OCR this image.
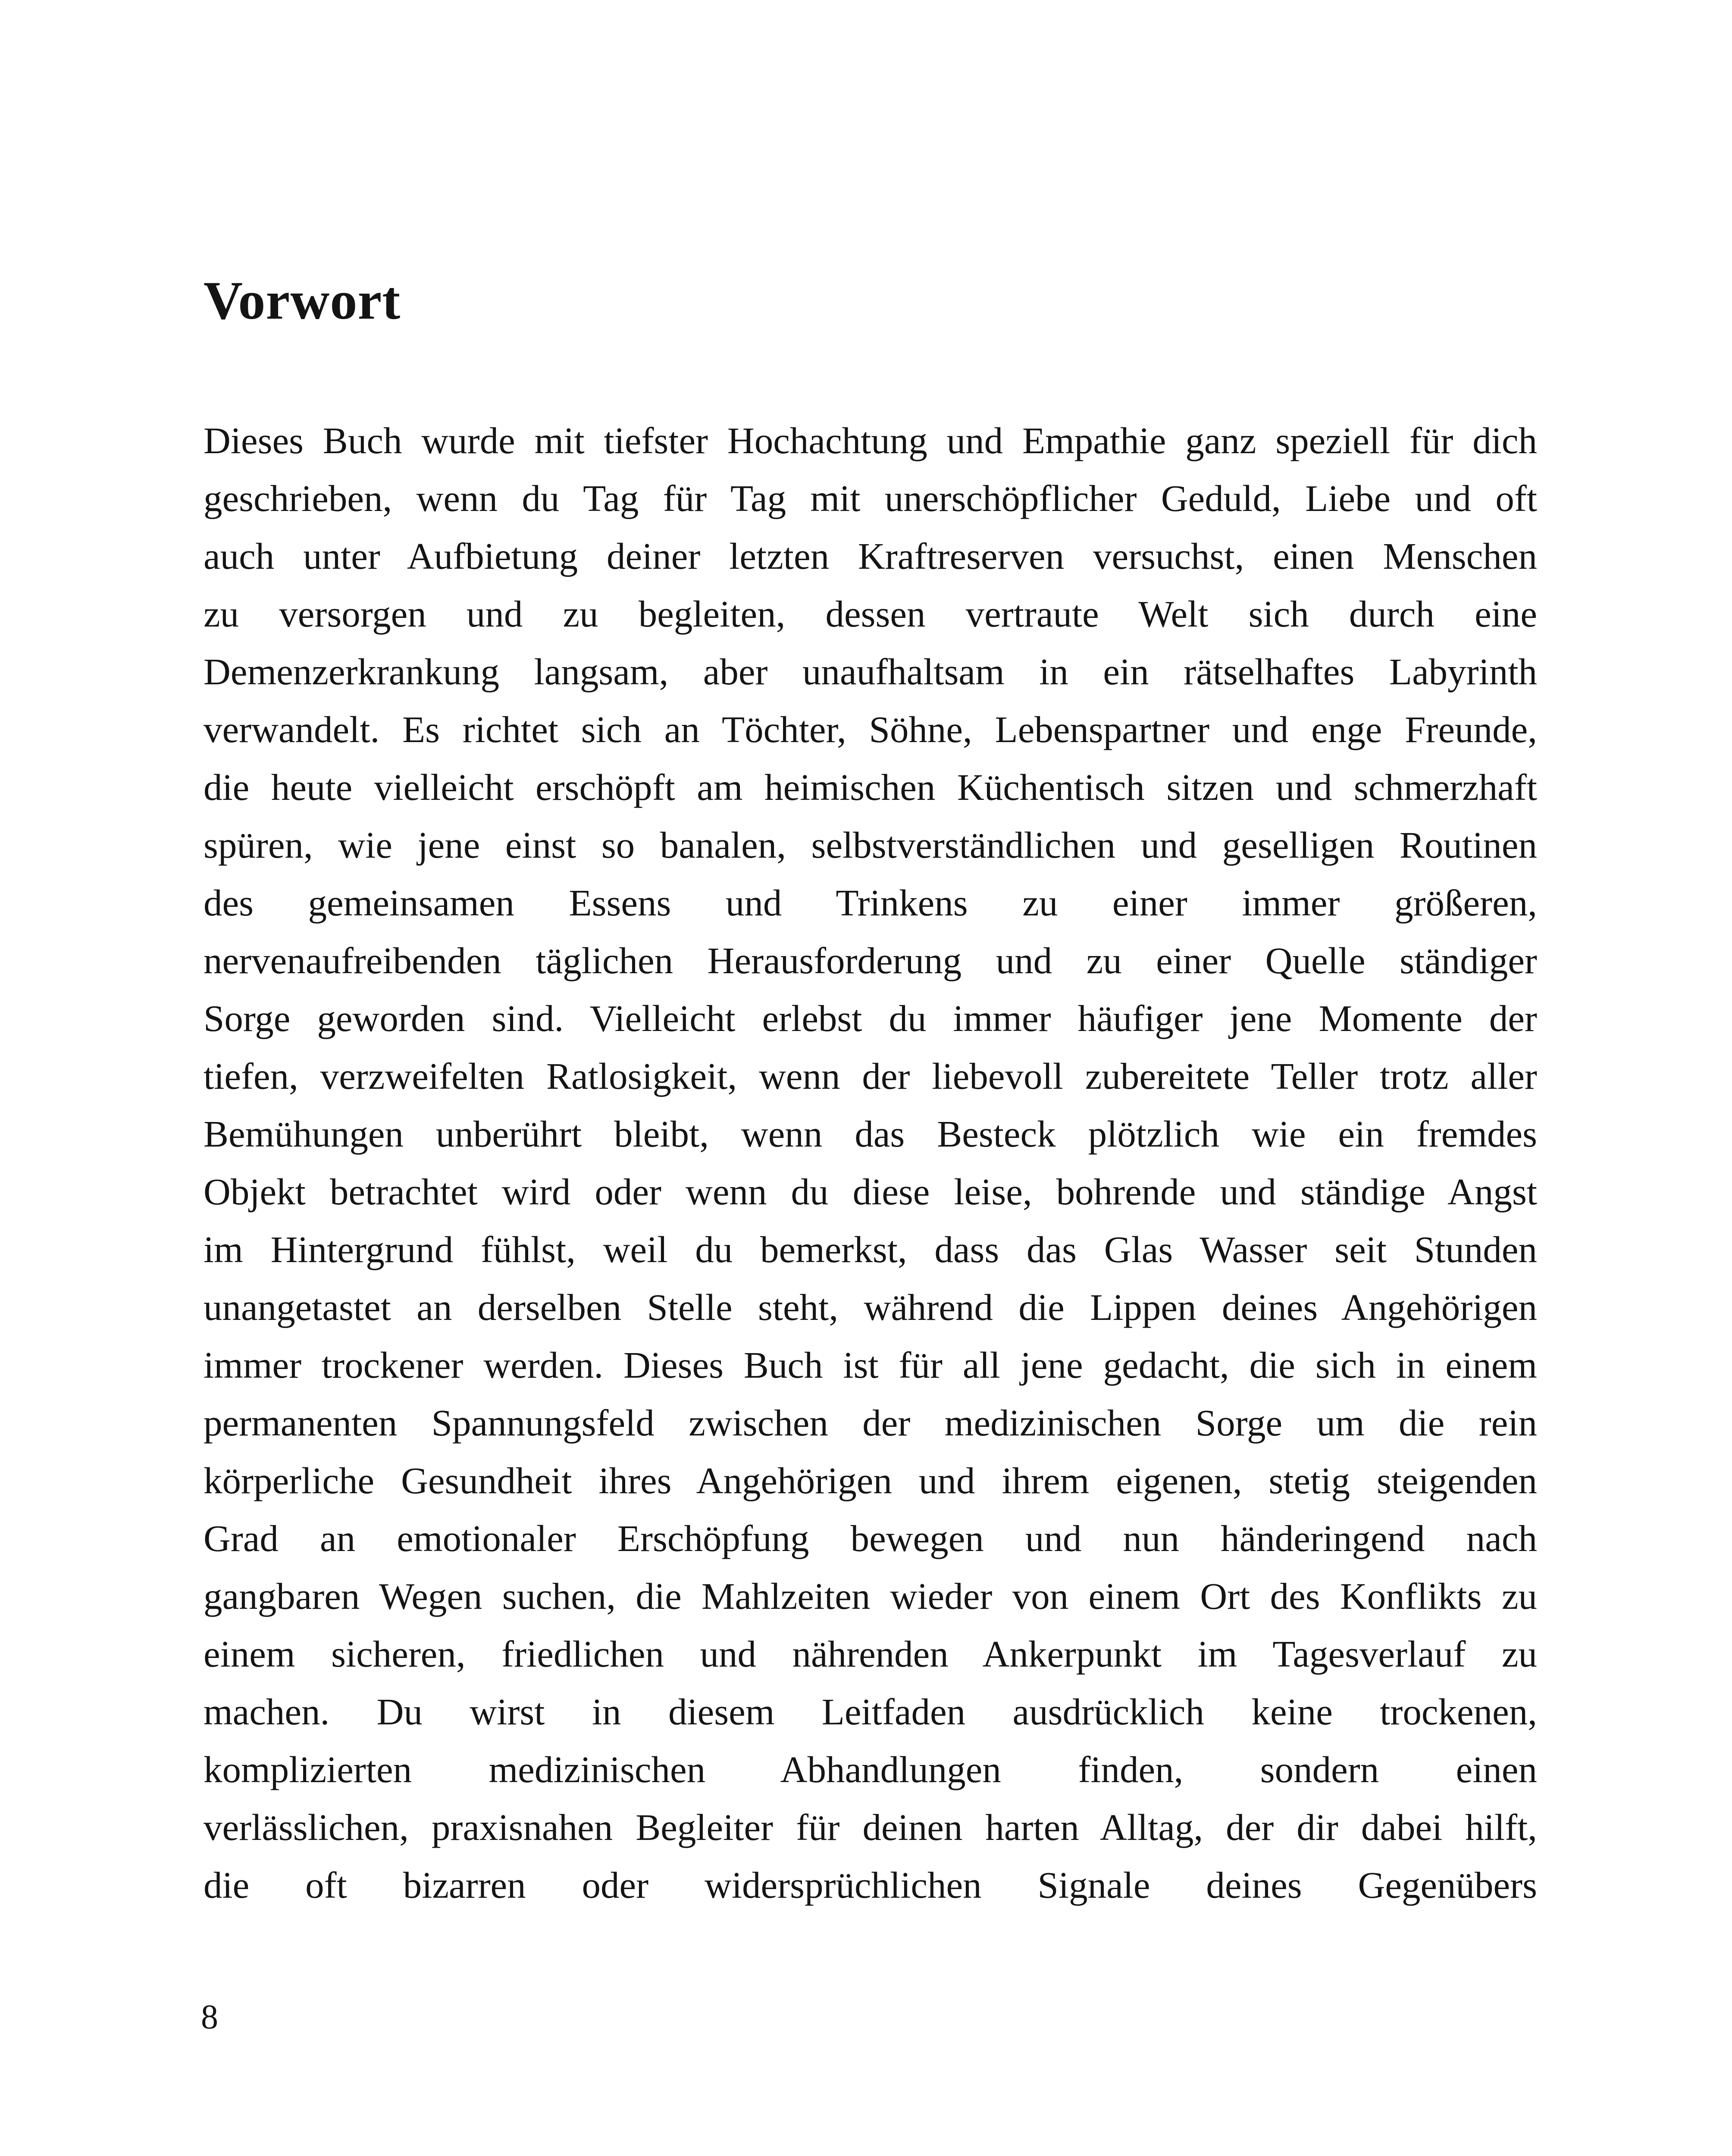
Vorwort
Dieses Buch wurde mit tiefster Hochachtung und Empathie ganz speziell für dich
geschrieben, wenn du Tag für Tag mit unerschöpflicher Geduld, Liebe und oft
auch unter Aufbietung deiner letzten Kraftreserven versuchst, einen Menschen
zu versorgen und zu begleiten, dessen vertraute Welt sich durch eine
Demenzerkrankung langsam, aber unaufhaltsam in ein rätselhaftes Labyrinth
verwandelt. Es richtet sich an Töchter, Söhne, Lebenspartner und enge Freunde,
die heute vielleicht erschöpft am heimischen Küchentisch sitzen und schmerzhaft
spüren, wie jene einst so banalen, selbstverständlichen und geselligen Routinen
des gemeinsamen Essens und Trinkens zu einer immer größeren,
nervenaufreibenden täglichen Herausforderung und zu einer Quelle ständiger
Sorge geworden sind. Vielleicht erlebst du immer häufiger jene Momente der
tiefen, verzweifelten Ratlosigkeit, wenn der liebevoll zubereitete Teller trotz aller
Bemühungen unberührt bleibt, wenn das Besteck plötzlich wie ein fremdes
Objekt betrachtet wird oder wenn du diese leise, bohrende und ständige Angst
im Hintergrund fühlst, weil du bemerkst, dass das Glas Wasser seit Stunden
unangetastet an derselben Stelle steht, während die Lippen deines Angehörigen
immer trockener werden. Dieses Buch ist für all jene gedacht, die sich in einem
permanenten Spannungsfeld zwischen der medizinischen Sorge um die rein
körperliche Gesundheit ihres Angehörigen und ihrem eigenen, stetig steigenden
Grad an emotionaler Erschöpfung bewegen und nun händeringend nach
gangbaren Wegen suchen, die Mahlzeiten wieder von einem Ort des Konflikts zu
einem sicheren, friedlichen und nährenden Ankerpunkt im Tagesverlauf zu
machen. Du wirst in diesem Leitfaden ausdrücklich keine trockenen,
komplizierten medizinischen Abhandlungen finden, sondern einen
verlässlichen, praxisnahen Begleiter für deinen harten Alltag, der dir dabei hilft,
die oft bizarren oder widersprüchlichen Signale deines Gegenübers
8
